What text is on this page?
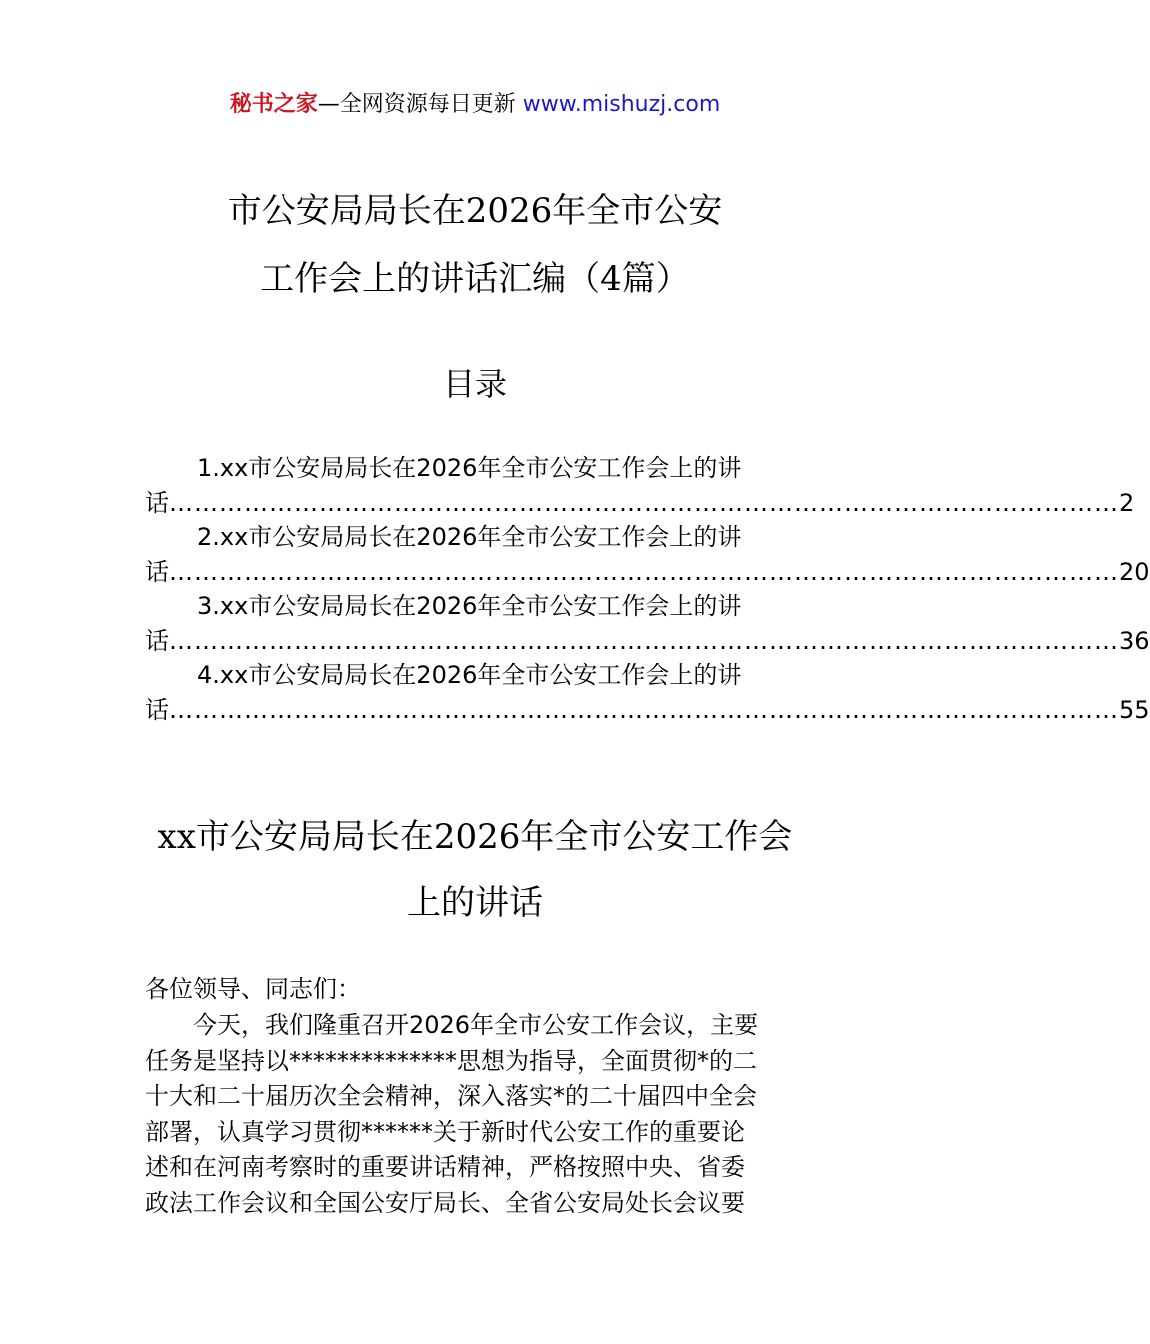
秘书之家—全网资源每日更新 www.mishuzj.com
市公安局局长在2026年全市公安
工作会上的讲话汇编（4篇）
目录
1.xx市公安局局长在2026年全市公安工作会上的讲
话 …………………………………………………………………………………………………… 2
2.xx市公安局局长在2026年全市公安工作会上的讲
话 …………………………………………………………………………………………………… 20
3.xx市公安局局长在2026年全市公安工作会上的讲
话 …………………………………………………………………………………………………… 36
4.xx市公安局局长在2026年全市公安工作会上的讲
话 …………………………………………………………………………………………………… 55
xx市公安局局长在2026年全市公安工作会
上的讲话
各位领导、同志们：
今天，我们隆重召开2026年全市公安工作会议，主要
任务是坚持以**************思想为指导，全面贯彻*的二
十大和二十届历次全会精神，深入落实*的二十届四中全会
部署，认真学习贯彻******关于新时代公安工作的重要论
述和在河南考察时的重要讲话精神，严格按照中央、省委
政法工作会议和全国公安厅局长、全省公安局处长会议要
